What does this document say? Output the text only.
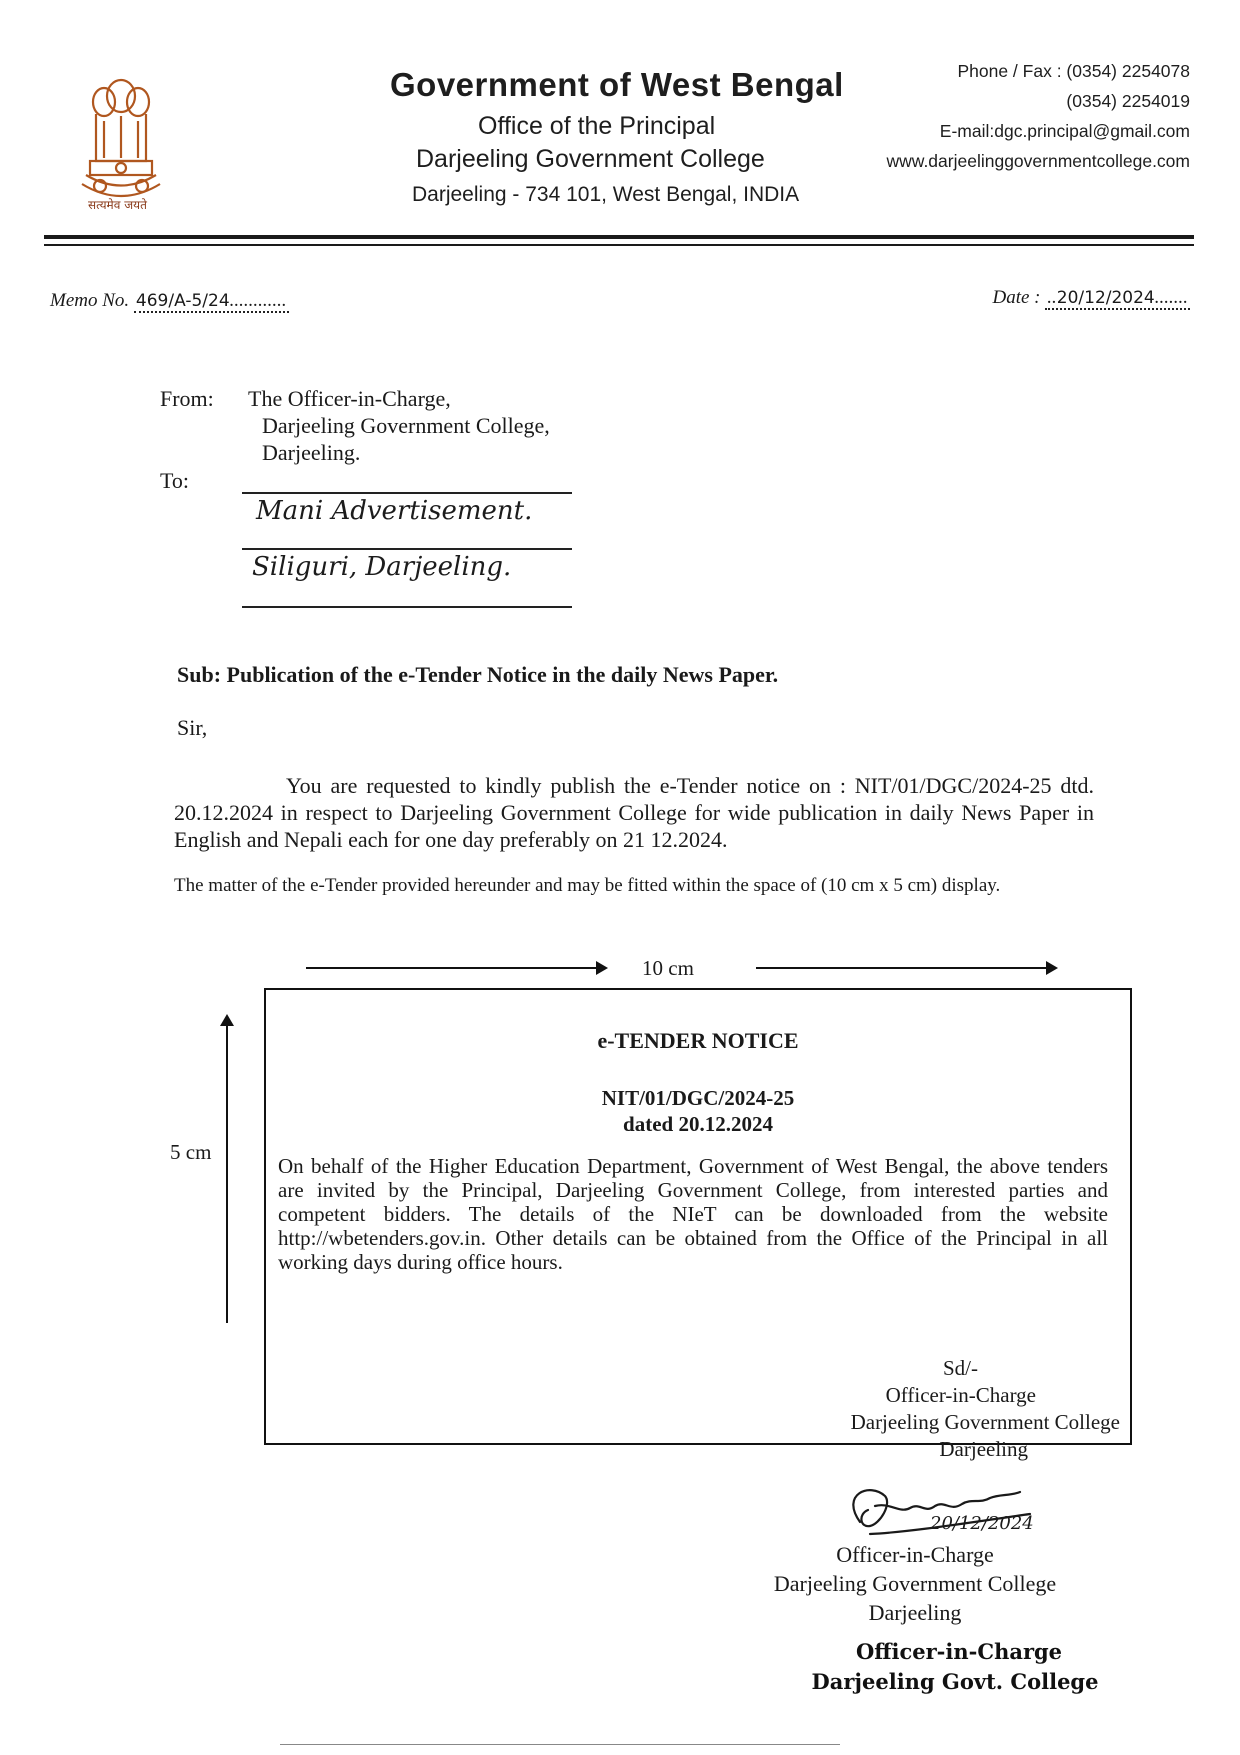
सत्यमेव जयते
Government of West Bengal
Office of the Principal
Darjeeling Government College
Darjeeling - 734 101, West Bengal, INDIA
Phone / Fax : (0354) 2254078
(0354) 2254019
E-mail:dgc.principal@gmail.com
www.darjeelinggovernmentcollege.com
Memo No. 469/A-5/24............	Date : ..20/12/2024.......
From: The Officer-in-Charge,
Darjeeling Government College,
Darjeeling.
To:
Mani Advertisement.
Siliguri, Darjeeling.
Sub: Publication of the e-Tender Notice in the daily News Paper.
Sir,
You are requested to kindly publish the e-Tender notice on : NIT/01/DGC/2024-25 dtd. 20.12.2024 in respect to Darjeeling Government College for wide publication in daily News Paper in English and Nepali each for one day preferably on 21 12.2024.
The matter of the e-Tender provided hereunder and may be fitted within the space of (10 cm x 5 cm) display.
10 cm
5 cm
e-TENDER NOTICE
NIT/01/DGC/2024-25
dated 20.12.2024
On behalf of the Higher Education Department, Government of West Bengal, the above tenders are invited by the Principal, Darjeeling Government College, from interested parties and competent bidders. The details of the NIeT can be downloaded from the website http://wbetenders.gov.in. Other details can be obtained from the Office of the Principal in all working days during office hours.
Sd/-
Officer-in-Charge
Darjeeling Government College
Darjeeling
20/12/2024
Officer-in-Charge
Darjeeling Government College
Darjeeling
Officer-in-Charge
Darjeeling Govt. College
